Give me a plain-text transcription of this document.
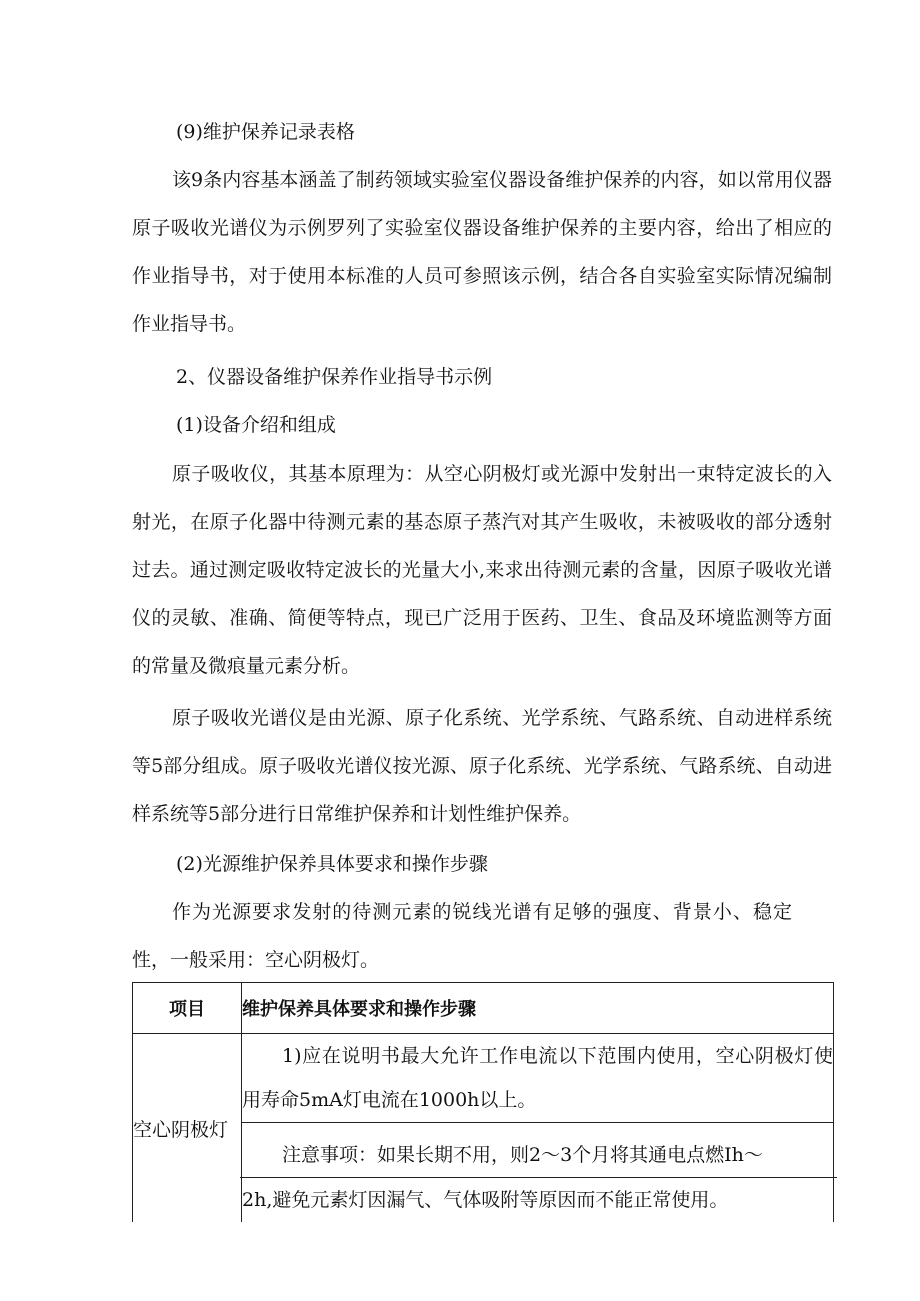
(9)维护保养记录表格

该9条内容基本涵盖了制药领域实验室仪器设备维护保养的内容，如以常用仪器原子吸收光谱仪为示例罗列了实验室仪器设备维护保养的主要内容，给出了相应的作业指导书，对于使用本标准的人员可参照该示例，结合各自实验室实际情况编制作业指导书。

2、仪器设备维护保养作业指导书示例

(1)设备介绍和组成

原子吸收仪，其基本原理为：从空心阴极灯或光源中发射出一束特定波长的入射光，在原子化器中待测元素的基态原子蒸汽对其产生吸收，未被吸收的部分透射过去。通过测定吸收特定波长的光量大小,来求出待测元素的含量，因原子吸收光谱仪的灵敏、准确、简便等特点，现已广泛用于医药、卫生、食品及环境监测等方面的常量及微痕量元素分析。

原子吸收光谱仪是由光源、原子化系统、光学系统、气路系统、自动进样系统等5部分组成。原子吸收光谱仪按光源、原子化系统、光学系统、气路系统、自动进样系统等5部分进行日常维护保养和计划性维护保养。

(2)光源维护保养具体要求和操作步骤

作为光源要求发射的待测元素的锐线光谱有足够的强度、背景小、稳定性，一般采用：空心阴极灯。

项目	维护保养具体要求和操作步骤
空心阴极灯	1)应在说明书最大允许工作电流以下范围内使用，空心阴极灯使用寿命5mA灯电流在1000h以上。

	注意事项：如果长期不用，则2～3个月将其通电点燃Ih～

2h,避免元素灯因漏气、气体吸附等原因而不能正常使用。
